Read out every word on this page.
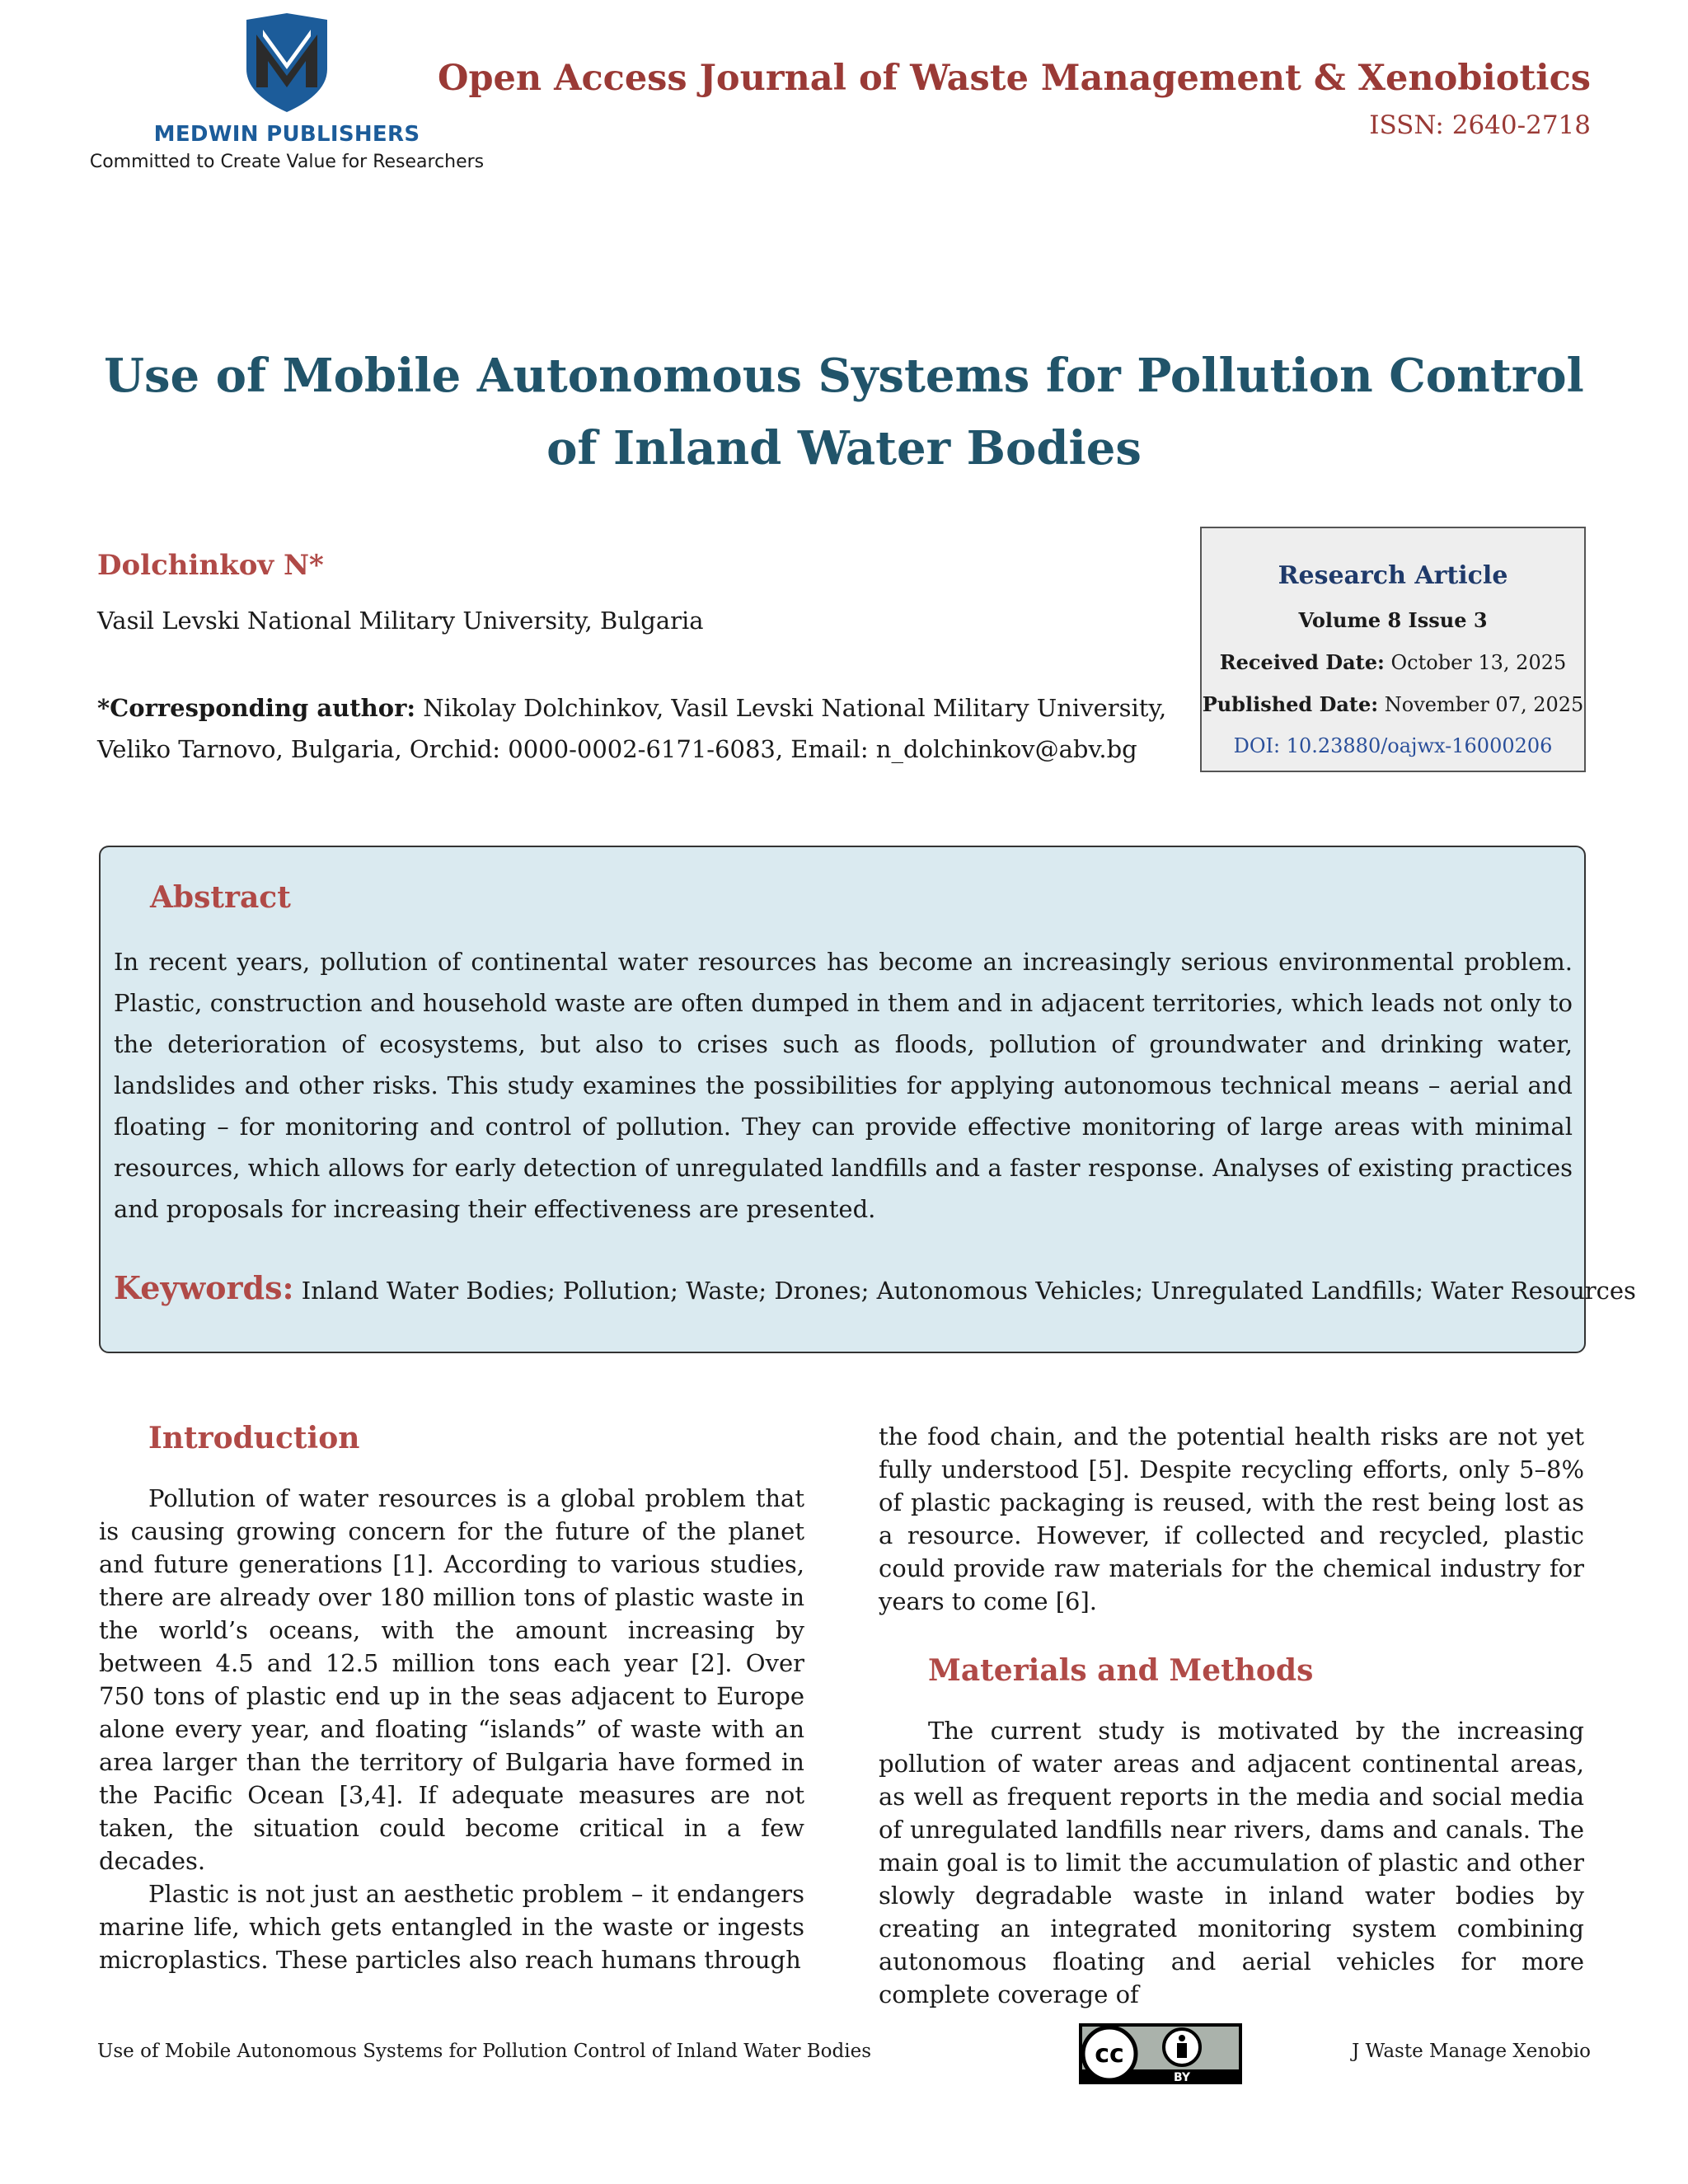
MEDWIN PUBLISHERS
Committed to Create Value for Researchers
Open Access Journal of Waste Management & Xenobiotics
ISSN: 2640-2718
Use of Mobile Autonomous Systems for Pollution Control of Inland Water Bodies
Dolchinkov N*
Vasil Levski National Military University, Bulgaria
*Corresponding author: Nikolay Dolchinkov, Vasil Levski National Military University, Veliko Tarnovo, Bulgaria, Orchid: 0000-0002-6171-6083, Email: n_dolchinkov@abv.bg
Research Article
Volume 8 Issue 3
Received Date: October 13, 2025
Published Date: November 07, 2025
DOI: 10.23880/oajwx-16000206
Abstract
In recent years, pollution of continental water resources has become an increasingly serious environmental problem. Plastic, construction and household waste are often dumped in them and in adjacent territories, which leads not only to the deterioration of ecosystems, but also to crises such as floods, pollution of groundwater and drinking water, landslides and other risks. This study examines the possibilities for applying autonomous technical means – aerial and floating – for monitoring and control of pollution. They can provide effective monitoring of large areas with minimal resources, which allows for early detection of unregulated landfills and a faster response. Analyses of existing practices and proposals for increasing their effectiveness are presented.
Keywords: Inland Water Bodies; Pollution; Waste; Drones; Autonomous Vehicles; Unregulated Landfills; Water Resources
Introduction

Pollution of water resources is a global problem that is causing growing concern for the future of the planet and future generations [1]. According to various studies, there are already over 180 million tons of plastic waste in the world’s oceans, with the amount increasing by between 4.5 and 12.5 million tons each year [2]. Over 750 tons of plastic end up in the seas adjacent to Europe alone every year, and floating “islands” of waste with an area larger than the territory of Bulgaria have formed in the Pacific Ocean [3,4]. If adequate measures are not taken, the situation could become critical in a few decades.

Plastic is not just an aesthetic problem – it endangers marine life, which gets entangled in the waste or ingests microplastics. These particles also reach humans through

the food chain, and the potential health risks are not yet fully understood [5]. Despite recycling efforts, only 5–8% of plastic packaging is reused, with the rest being lost as a resource. However, if collected and recycled, plastic could provide raw materials for the chemical industry for years to come [6].

Materials and Methods

The current study is motivated by the increasing pollution of water areas and adjacent continental areas, as well as frequent reports in the media and social media of unregulated landfills near rivers, dams and canals. The main goal is to limit the accumulation of plastic and other slowly degradable waste in inland water bodies by creating an integrated monitoring system combining autonomous floating and aerial vehicles for more complete coverage of

Use of Mobile Autonomous Systems for Pollution Control of Inland Water Bodies	cc
BY
J Waste Manage Xenobio
